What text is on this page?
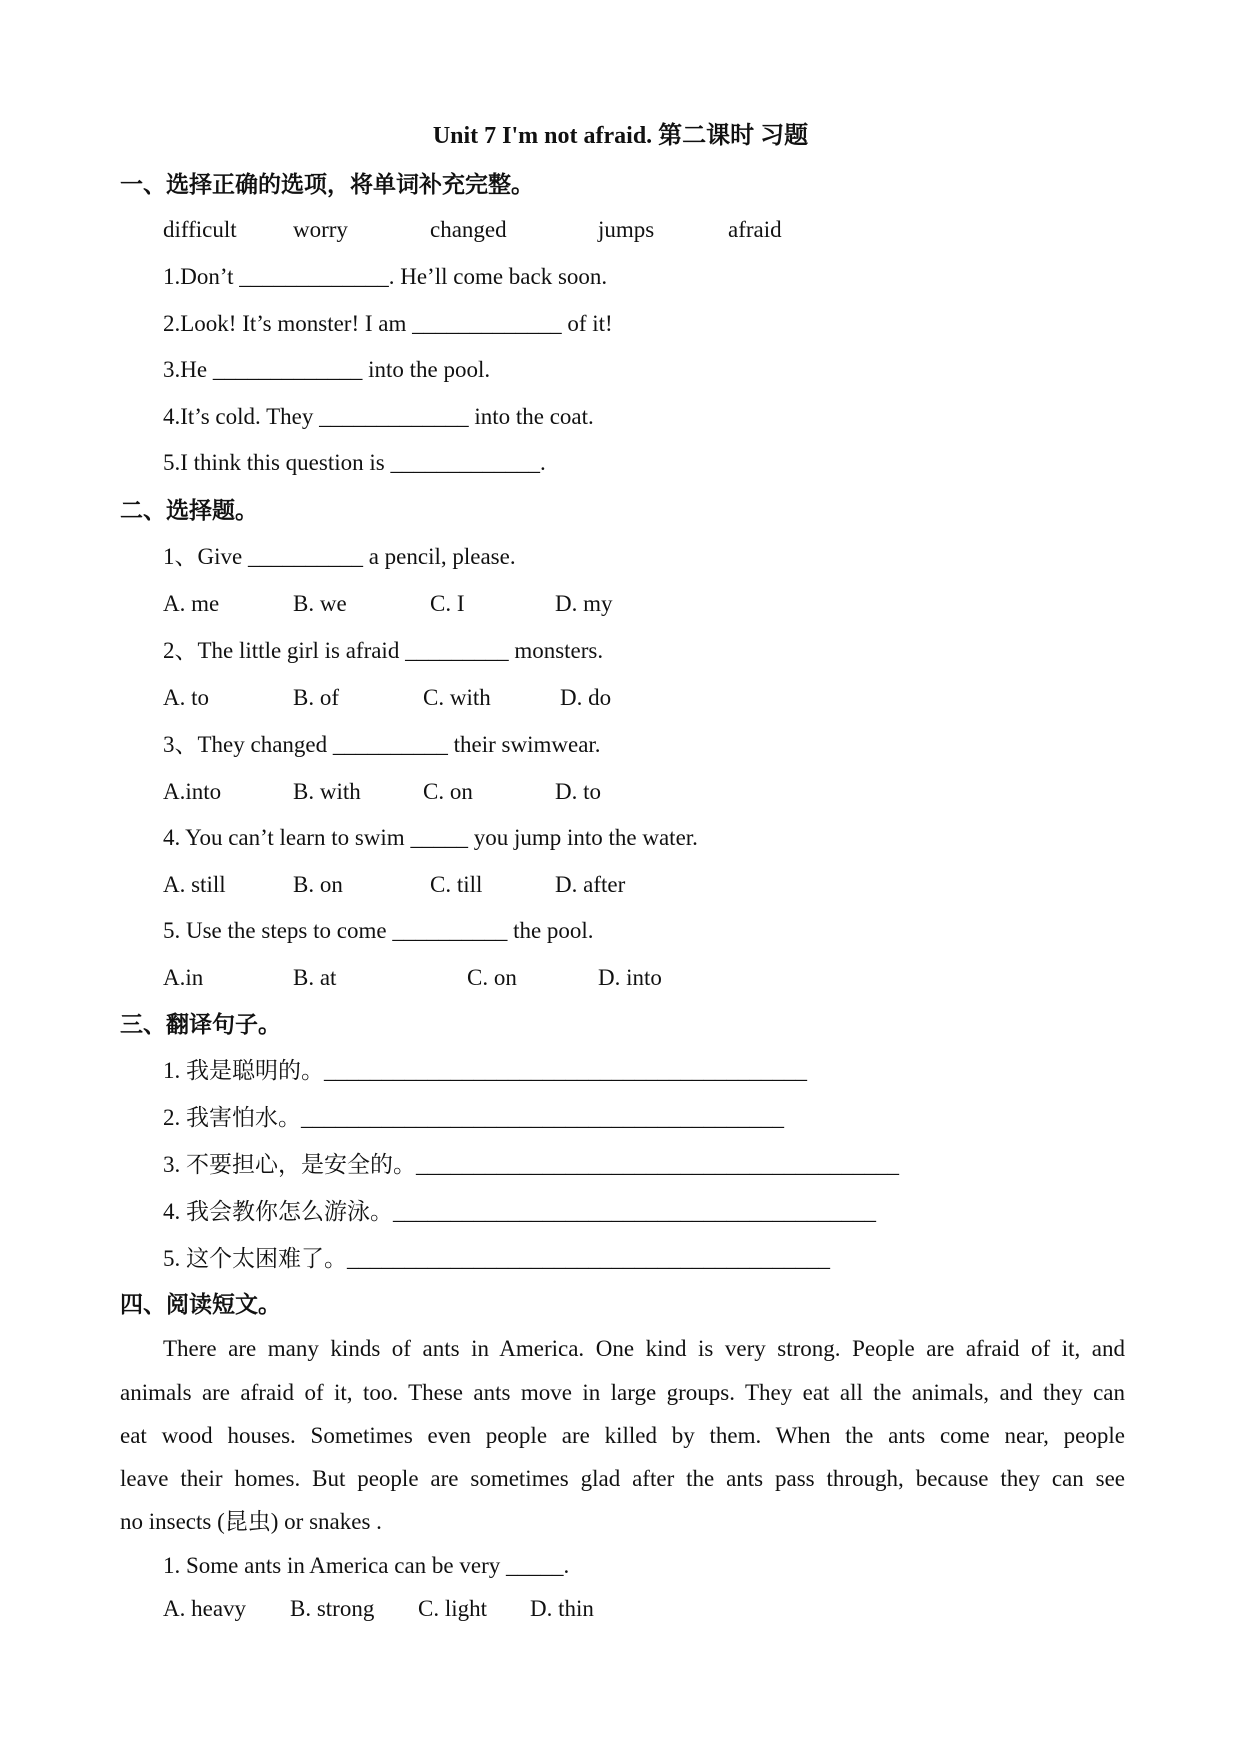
Unit 7 I'm not afraid. 第二课时 习题
一、选择正确的选项，将单词补充完整。
difficult worry	changed	jumps	afraid
1.Don’t _____________. He’ll come back soon.
2.Look! It’s monster! I am _____________ of it!
3.He _____________ into the pool.
4.It’s cold. They _____________ into the coat.
5.I think this question is _____________.
二、选择题。
1、Give __________ a pencil, please.
A. me	B. we	C. I	D. my
2、The little girl is afraid _________ monsters.
A. to	B. of	C. with	D. do
3、They changed __________ their swimwear.
A.into	B. with	C. on	D. to
4. You can’t learn to swim _____ you jump into the water.
A. still	B. on	C. till	D. after
5. Use the steps to come __________ the pool.
A.in	B. at	C. on	D. into
三、翻译句子。
1. 我是聪明的。__________________________________________
2. 我害怕水。__________________________________________
3. 不要担心，是安全的。__________________________________________
4. 我会教你怎么游泳。__________________________________________
5. 这个太困难了。__________________________________________
四、阅读短文。
There are many kinds of ants in America. One kind is very strong. People are afraid of it, and
animals are afraid of it, too. These ants move in large groups. They eat all the animals, and they can
eat wood houses. Sometimes even people are killed by them. When the ants come near, people
leave their homes. But people are sometimes glad after the ants pass through, because they can see
no insects (昆虫) or snakes .
1. Some ants in America can be very _____.
A. heavy B. strong C. light D. thin
